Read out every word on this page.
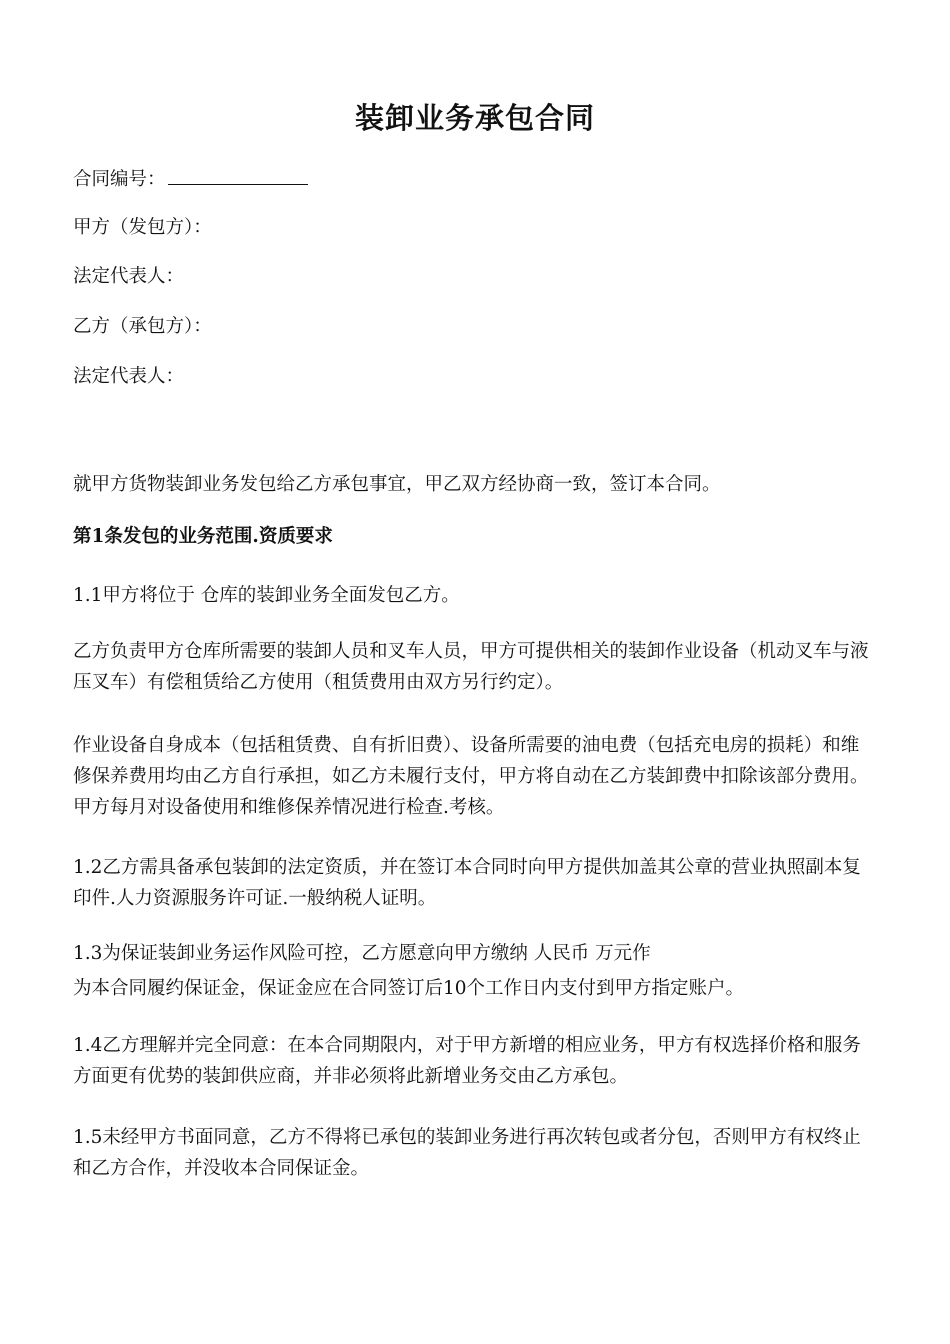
装卸业务承包合同
合同编号：
甲方（发包方）：
法定代表人：
乙方（承包方）：
法定代表人：
就甲方货物装卸业务发包给乙方承包事宜，甲乙双方经协商一致，签订本合同。
第1条发包的业务范围.资质要求
1.1甲方将位于 仓库的装卸业务全面发包乙方。
乙方负责甲方仓库所需要的装卸人员和叉车人员，甲方可提供相关的装卸作业设备（机动叉车与液压叉车）有偿租赁给乙方使用（租赁费用由双方另行约定）。
作业设备自身成本（包括租赁费、自有折旧费）、设备所需要的油电费（包括充电房的损耗）和维修保养费用均由乙方自行承担，如乙方未履行支付，甲方将自动在乙方装卸费中扣除该部分费用。甲方每月对设备使用和维修保养情况进行检查.考核。
1.2乙方需具备承包装卸的法定资质，并在签订本合同时向甲方提供加盖其公章的营业执照副本复印件.人力资源服务许可证.一般纳税人证明。
1.3为保证装卸业务运作风险可控，乙方愿意向甲方缴纳 人民币 万元作
为本合同履约保证金，保证金应在合同签订后10个工作日内支付到甲方指定账户。
1.4乙方理解并完全同意：在本合同期限内，对于甲方新增的相应业务，甲方有权选择价格和服务方面更有优势的装卸供应商，并非必须将此新增业务交由乙方承包。
1.5未经甲方书面同意，乙方不得将已承包的装卸业务进行再次转包或者分包，否则甲方有权终止和乙方合作，并没收本合同保证金。
